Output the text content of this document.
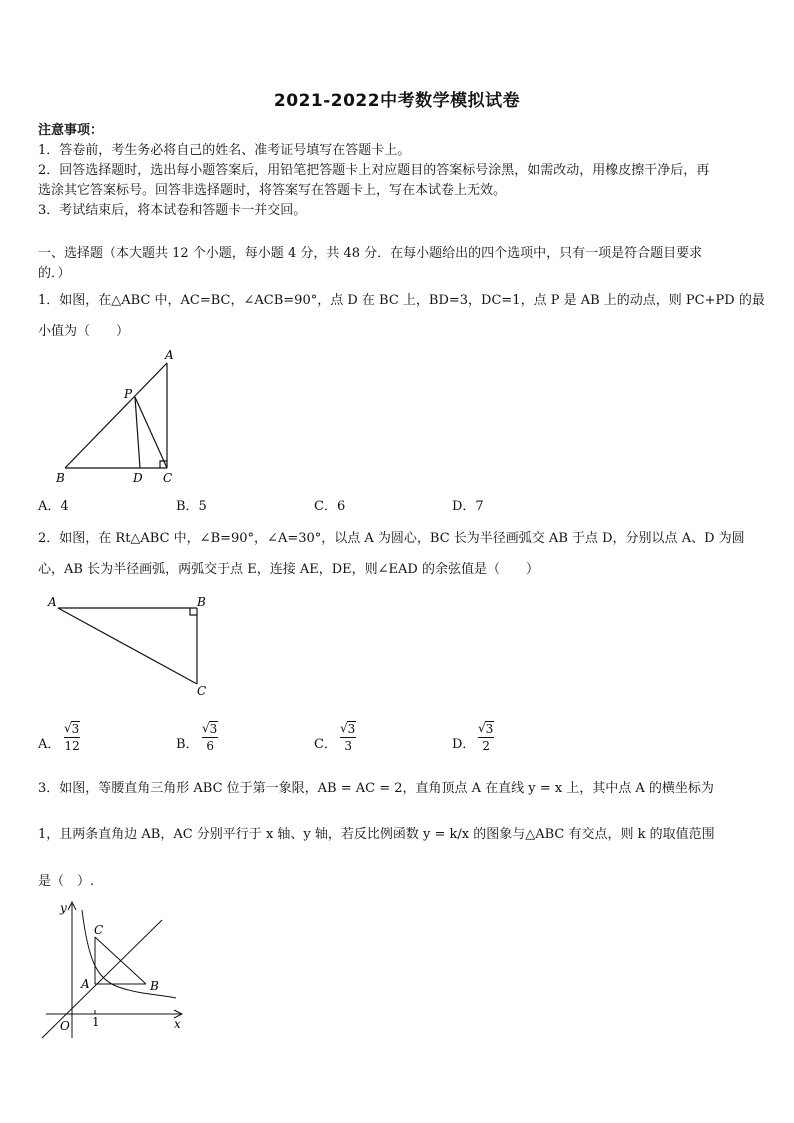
2021-2022中考数学模拟试卷
注意事项：
1．答卷前，考生务必将自己的姓名、准考证号填写在答题卡上。
2．回答选择题时，选出每小题答案后，用铅笔把答题卡上对应题目的答案标号涂黑，如需改动，用橡皮擦干净后，再
选涂其它答案标号。回答非选择题时，将答案写在答题卡上，写在本试卷上无效。
3．考试结束后，将本试卷和答题卡一并交回。
一、选择题（本大题共 12 个小题，每小题 4 分，共 48 分．在每小题给出的四个选项中，只有一项是符合题目要求
的．）
1．如图，在△ABC 中，AC=BC，∠ACB=90°，点 D 在 BC 上，BD=3，DC=1，点 P 是 AB 上的动点，则 PC+PD 的最
小值为（　　）
A
P
B	D C
A．4	B．5	C．6	D．7
2．如图，在 Rt△ABC 中，∠B=90°，∠A=30°，以点 A 为圆心，BC 长为半径画弧交 AB 于点 D，分别以点 A、D 为圆
心，AB 长为半径画弧，两弧交于点 E，连接 AE，DE，则∠EAD 的余弦值是（　　）
A	B
C
A．
√ 3
12	B．
√ 3
6	C．
√ 3
3	D．
√ 3
2
3．如图，等腰直角三角形 ABC 位于第一象限，AB = AC = 2，直角顶点 A 在直线 y = x 上，其中点 A 的横坐标为
1，且两条直角边 AB，AC 分别平行于 x 轴、y 轴，若反比例函数 y = k/x 的图象与△ABC 有交点，则 k 的取值范围
是（　）.
y
x
O
C
A	B
1
